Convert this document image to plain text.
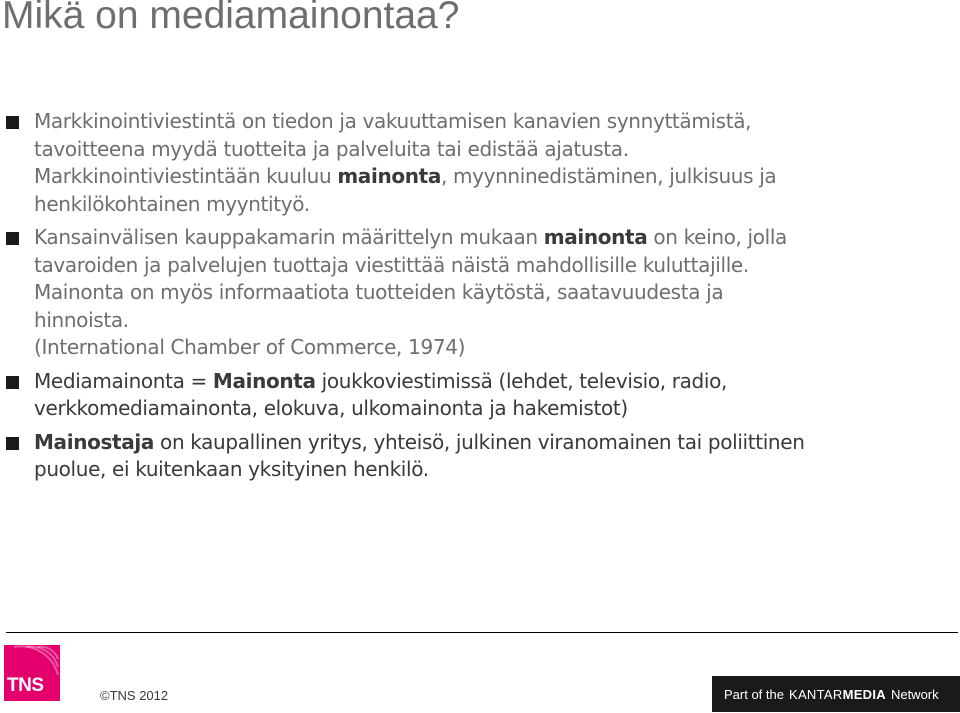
Mikä on mediamainontaa?
Markkinointiviestintä on tiedon ja vakuuttamisen kanavien synnyttämistä,
tavoitteena myydä tuotteita ja palveluita tai edistää ajatusta.
Markkinointiviestintään kuuluu mainonta, myynninedistäminen, julkisuus ja
henkilökohtainen myyntityö.
Kansainvälisen kauppakamarin määrittelyn mukaan mainonta on keino, jolla
tavaroiden ja palvelujen tuottaja viestittää näistä mahdollisille kuluttajille.
Mainonta on myös informaatiota tuotteiden käytöstä, saatavuudesta ja
hinnoista.
(International Chamber of Commerce, 1974)
Mediamainonta = Mainonta joukkoviestimissä (lehdet, televisio, radio,
verkkomediamainonta, elokuva, ulkomainonta ja hakemistot)
Mainostaja on kaupallinen yritys, yhteisö, julkinen viranomainen tai poliittinen
puolue, ei kuitenkaan yksityinen henkilö.
TNS	©TNS 2012	Part of the KANTAR MEDIA Network
